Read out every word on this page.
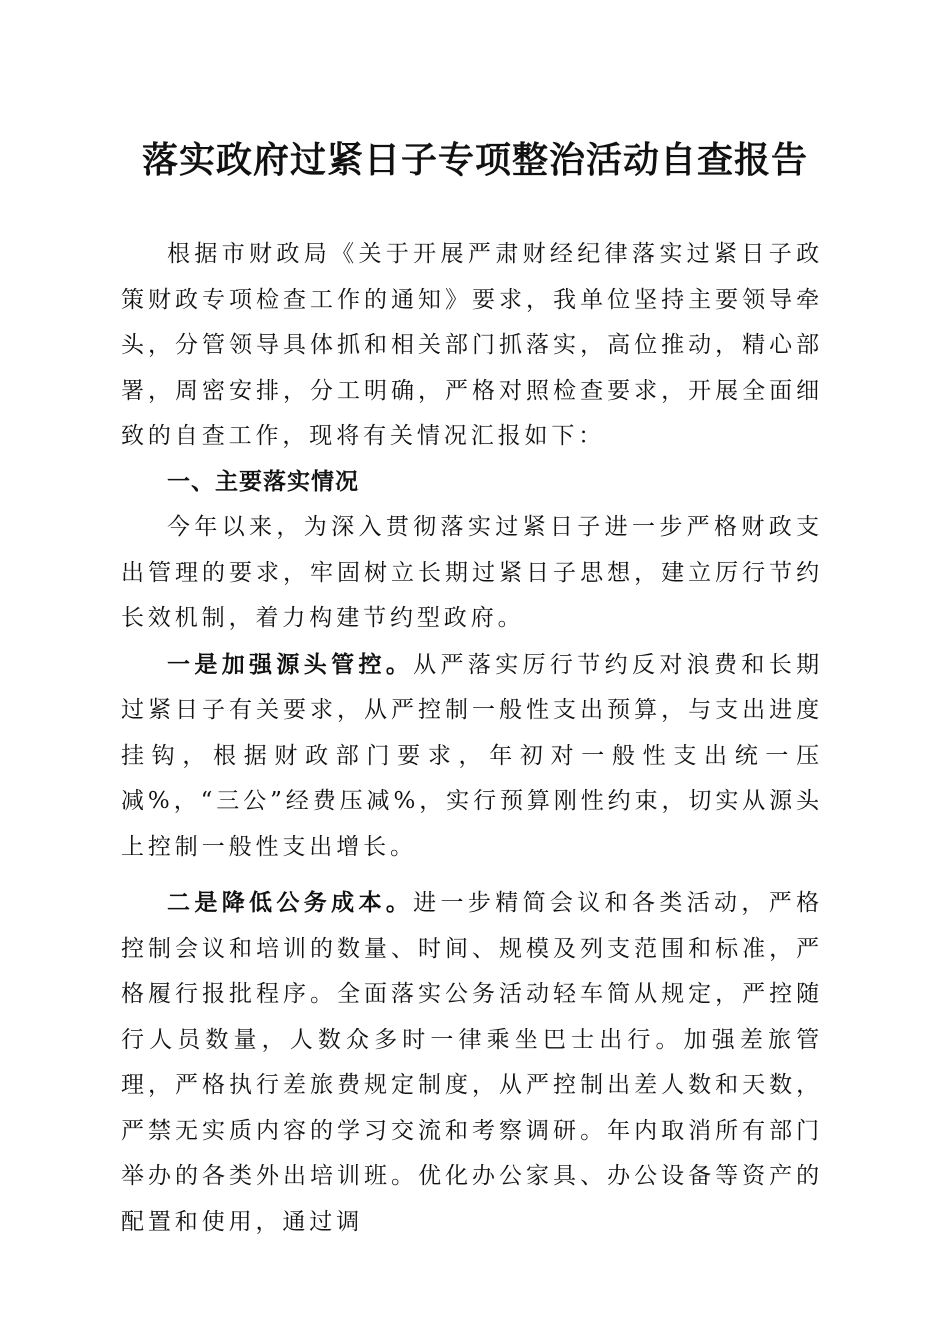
落实政府过紧日子专项整治活动自查报告

根据市财政局《关于开展严肃财经纪律落实过紧日子政策财政专项检查工作的通知》要求，我单位坚持主要领导牵头，分管领导具体抓和相关部门抓落实，高位推动，精心部署，周密安排，分工明确，严格对照检查要求，开展全面细致的自查工作，现将有关情况汇报如下：

一、主要落实情况

今年以来，为深入贯彻落实过紧日子进一步严格财政支出管理的要求，牢固树立长期过紧日子思想，建立厉行节约长效机制，着力构建节约型政府。

一是加强源头管控。从严落实厉行节约反对浪费和长期过紧日子有关要求，从严控制一般性支出预算，与支出进度挂钩，根据财政部门要求，年初对一般性支出统一压减%，“三公”经费压减%，实行预算刚性约束，切实从源头上控制一般性支出增长。

二是降低公务成本。进一步精简会议和各类活动，严格控制会议和培训的数量、时间、规模及列支范围和标准，严格履行报批程序。全面落实公务活动轻车简从规定，严控随行人员数量，人数众多时一律乘坐巴士出行。加强差旅管理，严格执行差旅费规定制度，从严控制出差人数和天数，严禁无实质内容的学习交流和考察调研。年内取消所有部门举办的各类外出培训班。优化办公家具、办公设备等资产的配置和使用，通过调
